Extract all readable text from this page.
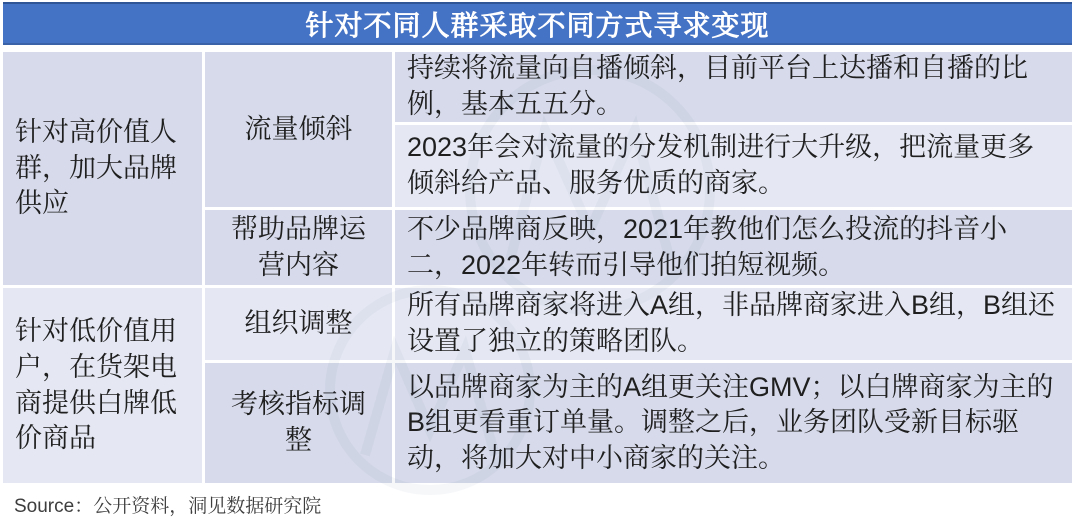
针对不同人群采取不同方式寻求变现
针对高价值人群，加大品牌供应
流量倾斜
持续将流量向自播倾斜，目前平台上达播和自播的比例，基本五五分。
2023年会对流量的分发机制进行大升级，把流量更多倾斜给产品、服务优质的商家。
帮助品牌运营内容
不少品牌商反映，2021年教他们怎么投流的抖音小二，2022年转而引导他们拍短视频。
针对低价值用户，在货架电商提供白牌低价商品
组织调整
所有品牌商家将进入A组，非品牌商家进入B组，B组还设置了独立的策略团队。
考核指标调整
以品牌商家为主的A组更关注GMV；以白牌商家为主的B组更看重订单量。调整之后，业务团队受新目标驱动，将加大对中小商家的关注。
Source：公开资料，洞见数据研究院
